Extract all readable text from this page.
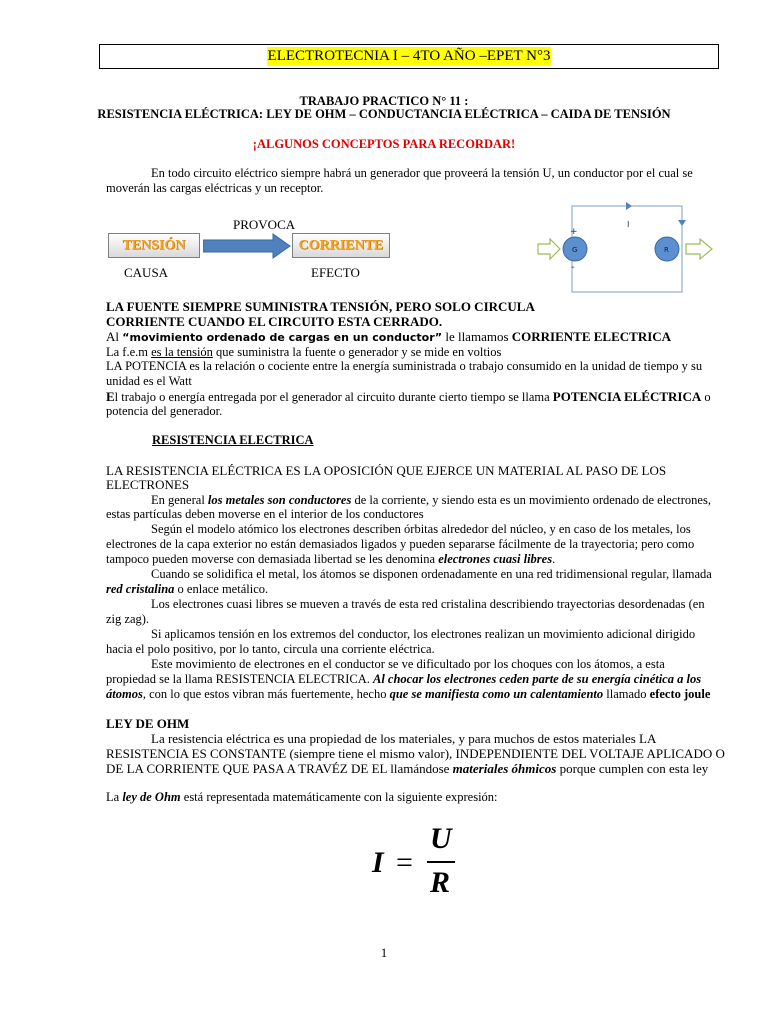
ELECTROTECNIA I – 4TO AÑO –EPET N°3
TRABAJO PRACTICO N° 11 :
RESISTENCIA ELÉCTRICA: LEY DE OHM – CONDUCTANCIA ELÉCTRICA – CAIDA DE TENSIÓN
¡ALGUNOS CONCEPTOS PARA RECORDAR!
En todo circuito eléctrico siempre habrá un generador que proveerá la tensión U, un conductor por el cual se
moverán las cargas eléctricas y un receptor.
PROVOCA
TENSIÓN	CORRIENTE
CAUSA	EFECTO
I
G	R
+
-
LA FUENTE SIEMPRE SUMINISTRA TENSIÓN, PERO SOLO CIRCULA
CORRIENTE CUANDO EL CIRCUITO ESTA CERRADO.
Al “movimiento ordenado de cargas en un conductor” le llamamos CORRIENTE ELECTRICA
La f.e.m es la tensión que suministra la fuente o generador y se mide en voltios
LA POTENCIA es la relación o cociente entre la energía suministrada o trabajo consumido en la unidad de tiempo y su
unidad es el Watt
El trabajo o energía entregada por el generador al circuito durante cierto tiempo se llama POTENCIA ELÉCTRICA o
potencia del generador.
RESISTENCIA ELECTRICA
LA RESISTENCIA ELÉCTRICA ES LA OPOSICIÓN QUE EJERCE UN MATERIAL AL PASO DE LOS
ELECTRONES
En general los metales son conductores de la corriente, y siendo esta es un movimiento ordenado de electrones,
estas partículas deben moverse en el interior de los conductores
Según el modelo atómico los electrones describen órbitas alrededor del núcleo, y en caso de los metales, los
electrones de la capa exterior no están demasiados ligados y pueden separarse fácilmente de la trayectoria; pero como
tampoco pueden moverse con demasiada libertad se les denomina electrones cuasi libres.
Cuando se solidifica el metal, los átomos se disponen ordenadamente en una red tridimensional regular, llamada
red cristalina o enlace metálico.
Los electrones cuasi libres se mueven a través de esta red cristalina describiendo trayectorias desordenadas (en
zig zag).
Si aplicamos tensión en los extremos del conductor, los electrones realizan un movimiento adicional dirigido
hacia el polo positivo, por lo tanto, circula una corriente eléctrica.
Este movimiento de electrones en el conductor se ve dificultado por los choques con los átomos, a esta
propiedad se la llama RESISTENCIA ELECTRICA. Al chocar los electrones ceden parte de su energía cinética a los
átomos, con lo que estos vibran más fuertemente, hecho que se manifiesta como un calentamiento llamado efecto joule
LEY DE OHM
La resistencia eléctrica es una propiedad de los materiales, y para muchos de estos materiales LA
RESISTENCIA ES CONSTANTE (siempre tiene el mismo valor), INDEPENDIENTE DEL VOLTAJE APLICADO O
DE LA CORRIENTE QUE PASA A TRAVÉZ DE EL llamándose materiales óhmicos porque cumplen con esta ley
La ley de Ohm está representada matemáticamente con la siguiente expresión:
I =
U
R
1
